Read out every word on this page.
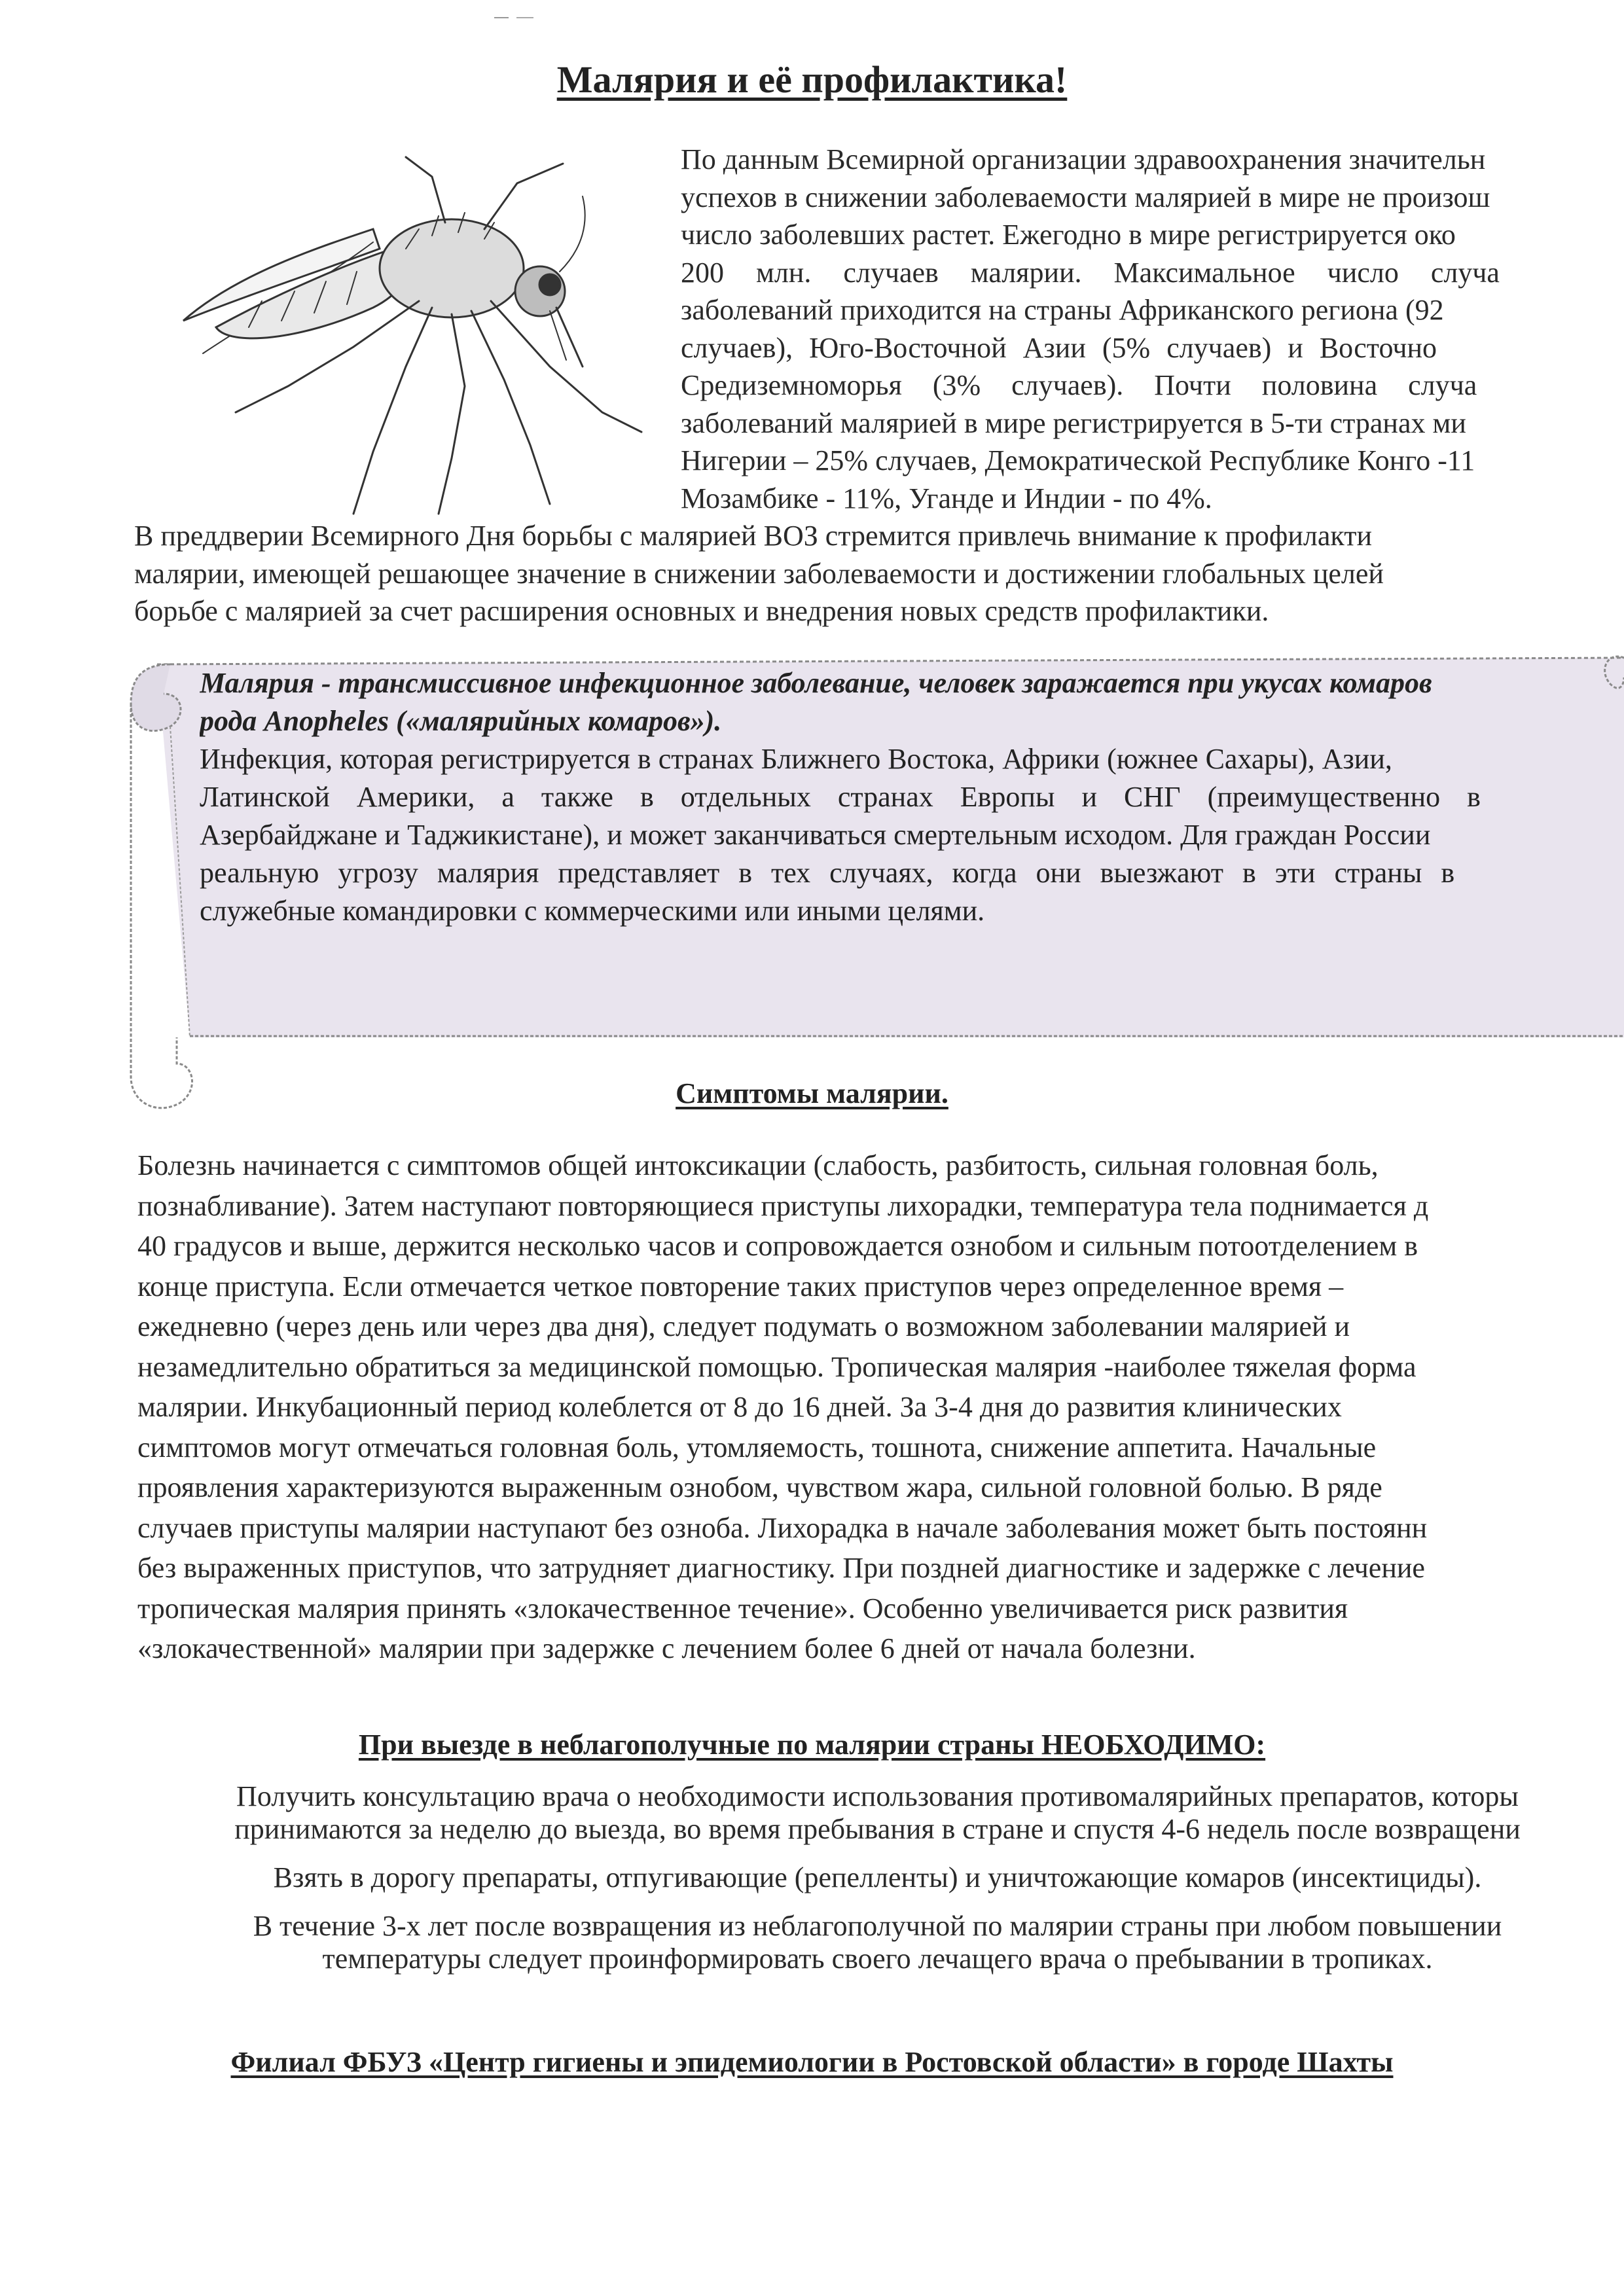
Малярия и её профилактика!
По данным Всемирной организации здравоохранения значительн
успехов в снижении заболеваемости малярией в мире не произош
число заболевших растет. Ежегодно в мире регистрируется око
200 млн. случаев малярии. Максимальное число случа
заболеваний приходится на страны Африканского региона (92
случаев), Юго-Восточной Азии (5% случаев) и Восточно
Средиземноморья (3% случаев). Почти половина случа
заболеваний малярией в мире регистрируется в 5-ти странах ми
Нигерии – 25% случаев, Демократической Республике Конго -11
Мозамбике - 11%, Уганде и Индии - по 4%.
В преддверии Всемирного Дня борьбы с малярией ВОЗ стремится привлечь внимание к профилакти
малярии, имеющей решающее значение в снижении заболеваемости и достижении глобальных целей
борьбе с малярией за счет расширения основных и внедрения новых средств профилактики.
Малярия - трансмиссивное инфекционное заболевание, человек заражается при укусах комаров
рода Anopheles («малярийных комаров»).
Инфекция, которая регистрируется в странах Ближнего Востока, Африки (южнее Сахары), Азии,
Латинской Америки, а также в отдельных странах Европы и СНГ (преимущественно в
Азербайджане и Таджикистане), и может заканчиваться смертельным исходом. Для граждан России
реальную угрозу малярия представляет в тех случаях, когда они выезжают в эти страны в
служебные командировки с коммерческими или иными целями.
Симптомы малярии.
Болезнь начинается с симптомов общей интоксикации (слабость, разбитость, сильная головная боль,
познабливание). Затем наступают повторяющиеся приступы лихорадки, температура тела поднимается д
40 градусов и выше, держится несколько часов и сопровождается ознобом и сильным потоотделением в
конце приступа. Если отмечается четкое повторение таких приступов через определенное время –
ежедневно (через день или через два дня), следует подумать о возможном заболевании малярией и
незамедлительно обратиться за медицинской помощью. Тропическая малярия -наиболее тяжелая форма
малярии. Инкубационный период колеблется от 8 до 16 дней. За 3-4 дня до развития клинических
симптомов могут отмечаться головная боль, утомляемость, тошнота, снижение аппетита. Начальные
проявления характеризуются выраженным ознобом, чувством жара, сильной головной болью. В ряде
случаев приступы малярии наступают без озноба. Лихорадка в начале заболевания может быть постоянн
без выраженных приступов, что затрудняет диагностику. При поздней диагностике и задержке с лечение
тропическая малярия принять «злокачественное течение». Особенно увеличивается риск развития
«злокачественной» малярии при задержке с лечением более 6 дней от начала болезни.
При выезде в неблагополучные по малярии страны НЕОБХОДИМО:

Получить консультацию врача о необходимости использования противомалярийных препаратов, которы
принимаются за неделю до выезда, во время пребывания в стране и спустя 4-6 недель после возвращени

Взять в дорогу препараты, отпугивающие (репелленты) и уничтожающие комаров (инсектициды).

В течение 3-х лет после возвращения из неблагополучной по малярии страны при любом повышении
температуры следует проинформировать своего лечащего врача о пребывании в тропиках.

Филиал ФБУЗ «Центр гигиены и эпидемиологии в Ростовской области» в городе Шахты
